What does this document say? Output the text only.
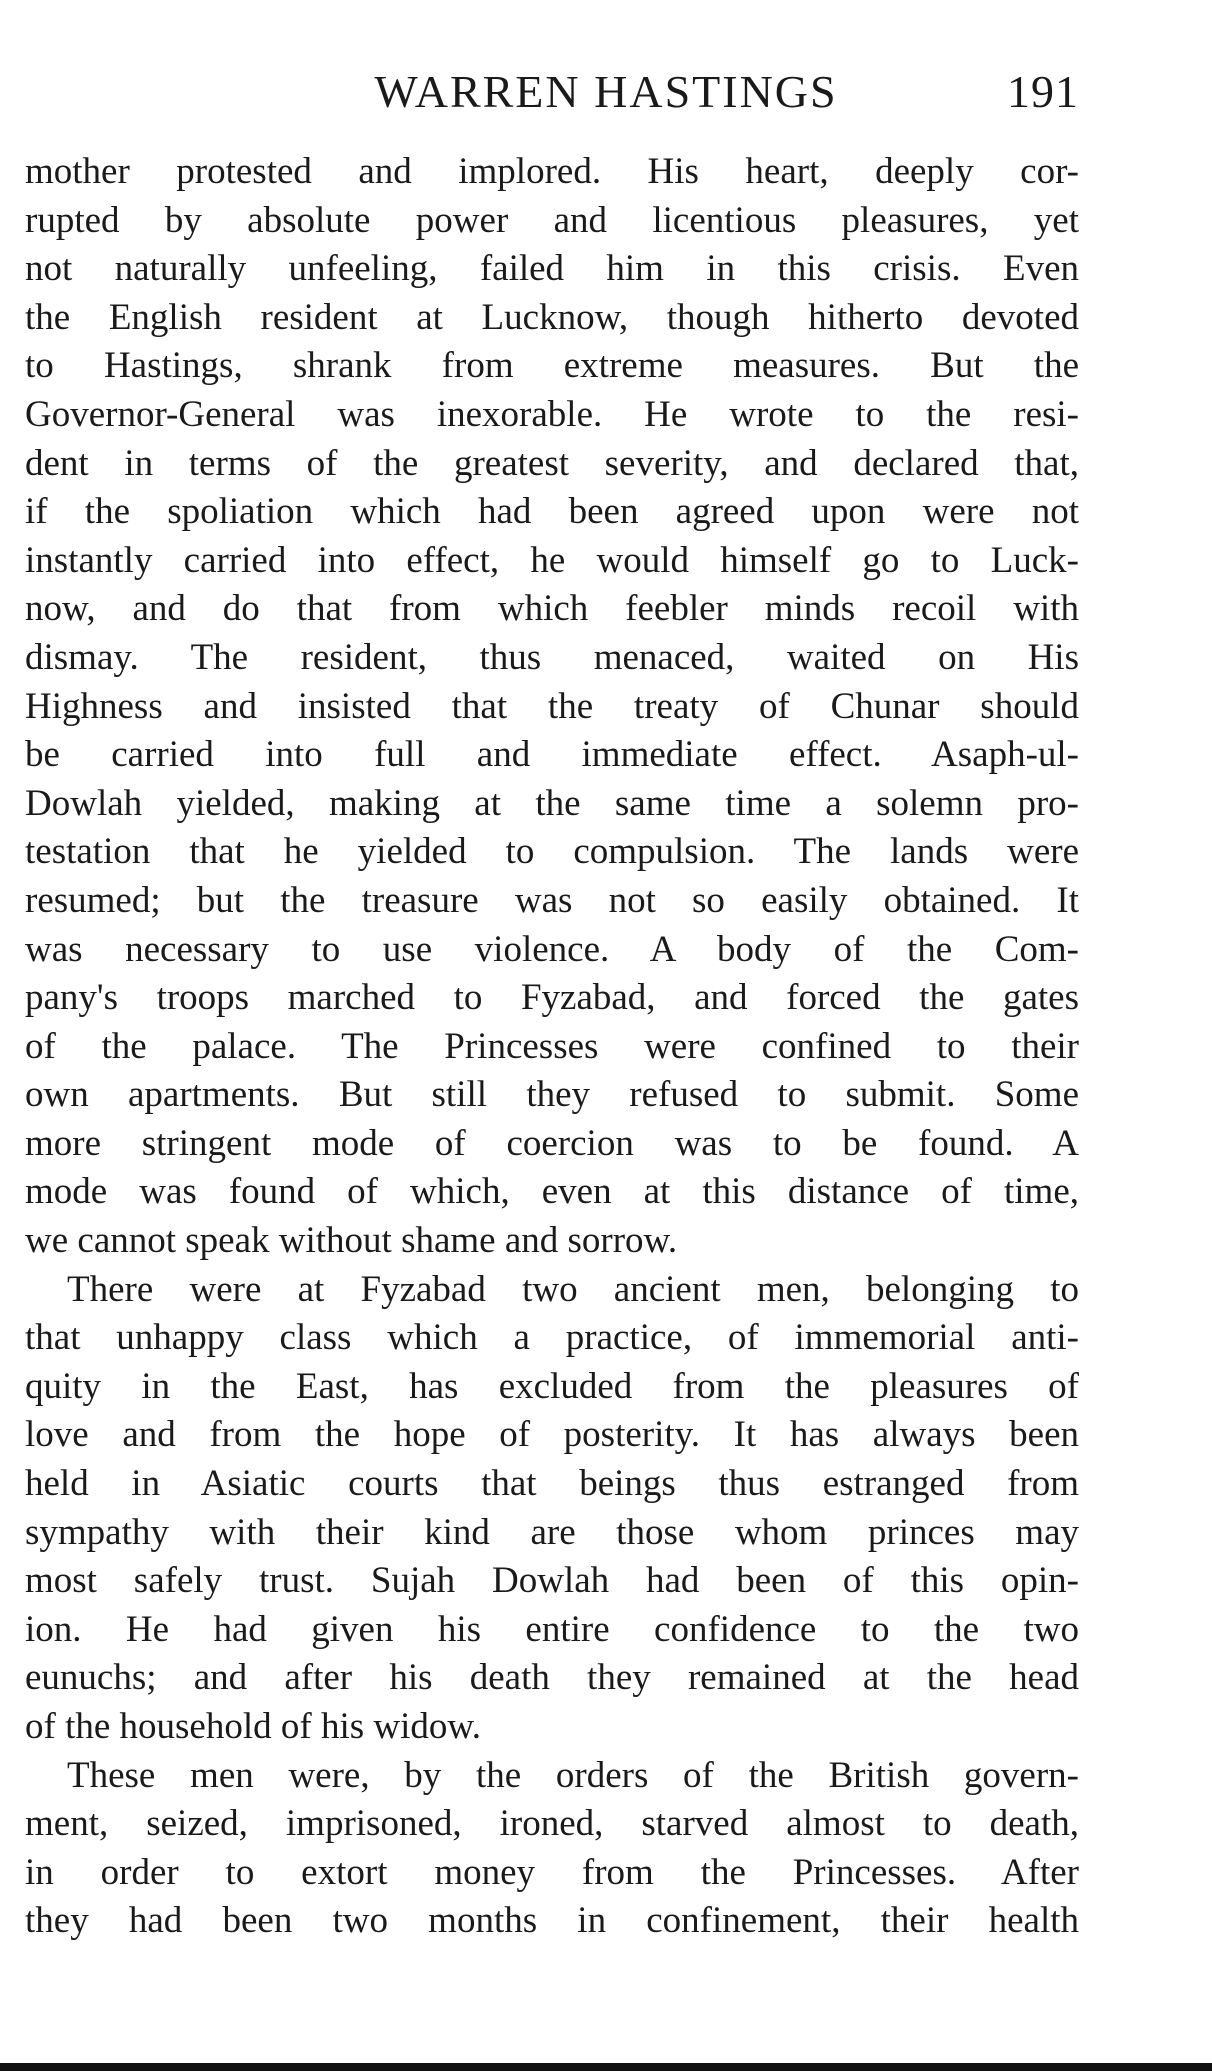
WARREN HASTINGS	191
mother protested and implored. His heart, deeply cor-
rupted by absolute power and licentious pleasures, yet
not naturally unfeeling, failed him in this crisis. Even
the English resident at Lucknow, though hitherto devoted
to Hastings, shrank from extreme measures. But the
Governor-General was inexorable. He wrote to the resi-
dent in terms of the greatest severity, and declared that,
if the spoliation which had been agreed upon were not
instantly carried into effect, he would himself go to Luck-
now, and do that from which feebler minds recoil with
dismay. The resident, thus menaced, waited on His
Highness and insisted that the treaty of Chunar should
be carried into full and immediate effect. Asaph-ul-
Dowlah yielded, making at the same time a solemn pro-
testation that he yielded to compulsion. The lands were
resumed; but the treasure was not so easily obtained. It
was necessary to use violence. A body of the Com-
pany's troops marched to Fyzabad, and forced the gates
of the palace. The Princesses were confined to their
own apartments. But still they refused to submit. Some
more stringent mode of coercion was to be found. A
mode was found of which, even at this distance of time,
we cannot speak without shame and sorrow.
There were at Fyzabad two ancient men, belonging to
that unhappy class which a practice, of immemorial anti-
quity in the East, has excluded from the pleasures of
love and from the hope of posterity. It has always been
held in Asiatic courts that beings thus estranged from
sympathy with their kind are those whom princes may
most safely trust. Sujah Dowlah had been of this opin-
ion. He had given his entire confidence to the two
eunuchs; and after his death they remained at the head
of the household of his widow.
These men were, by the orders of the British govern-
ment, seized, imprisoned, ironed, starved almost to death,
in order to extort money from the Princesses. After
they had been two months in confinement, their health
